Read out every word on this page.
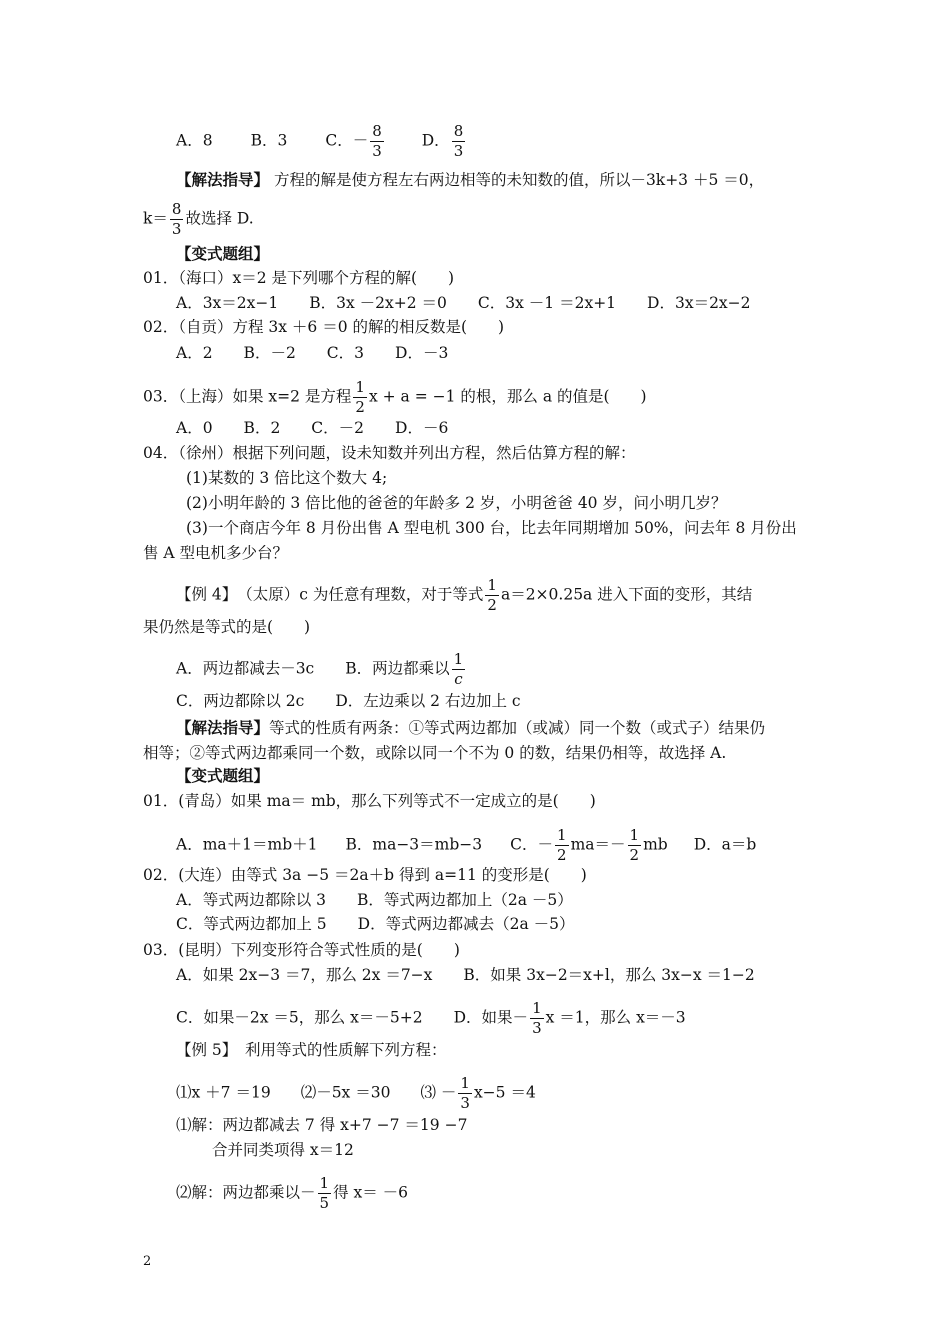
A．8 B．3 C．－ $\frac{8}{3}$ D． $\frac{8}{3}$
【解法指导】 方程的解是使方程左右两边相等的未知数的值，所以－3k+3 ＋5 ＝0，
$k= \frac{8}{3}$ 故选择 D.
【变式题组】
01．（海口）x＝2 是下列哪个方程的解(　　)
A．3x＝2x−1　　B．3x －2x+2 ＝0　　C．3x －1 ＝2x+1　　D．3x＝2x−2
02．（自贡）方程 3x ＋6 ＝0 的解的相反数是(　　)
A．2　　B．－2　　C．3　　D．－3
03．（上海）如果 x=2 是方程 $\frac{1}{2}$ x + a = −1 的根，那么 a 的值是(　　)
A．0　　B．2　　C．－2　　D．－6
04．（徐州）根据下列问题，设未知数并列出方程，然后估算方程的解：
(1)某数的 3 倍比这个数大 4;
(2)小明年龄的 3 倍比他的爸爸的年龄多 2 岁，小明爸爸 40 岁，问小明几岁？
(3)一个商店今年 8 月份出售 A 型电机 300 台，比去年同期增加 50%，问去年 8 月份出
售 A 型电机多少台？
【例 4】　（太原）c 为任意有理数，对于等式 $\frac{1}{2} a=2\times 0.25a$ 进入下面的变形，其结
果仍然是等式的是(　　)
A．两边都减去－3c　　B．两边都乘以 $\frac{1}{c}$
C．两边都除以 2c　　D．左边乘以 2 右边加上 c
【解法指导】等式的性质有两条：①等式两边都加（或减）同一个数（或式子）结果仍
相等；②等式两边都乘同一个数，或除以同一个不为 0 的数，结果仍相等，故选择 A.
【变式题组】
01．(青岛）如果 ma＝ mb，那么下列等式不一定成立的是(　　)
A．ma＋1＝mb＋1 B．ma−3＝mb−3 C．－ $\frac{1}{2} ma=- \frac{1}{2}$ mb D．a＝b
02．(大连）由等式 3a −5 ＝2a＋b 得到 a=11 的变形是(　　)
A．等式两边都除以 3　　B．等式两边都加上（2a －5）
C．等式两边都加上 5　　D．等式两边都减去（2a －5）
03．(昆明）下列变形符合等式性质的是(　　)
A．如果 2x−3 ＝7，那么 2x ＝7−x　　B．如果 3x−2＝x+l，那么 3x−x ＝1−2
C．如果－2x ＝5，那么 x＝－5+2　　D．如果－ $\frac{1}{3}$ x ＝1，那么 x＝－3
【例 5】　利用等式的性质解下列方程：
⑴x ＋7 ＝19 ⑵－5x ＝30 ⑶ － $\frac{1}{3} x-5 =4$
⑴解：两边都减去 7 得 x+7 −7 ＝19 −7
合并同类项得 x＝12
⑵解：两边都乘以－ $\frac{1}{5}$ 得 x＝ －6
2
